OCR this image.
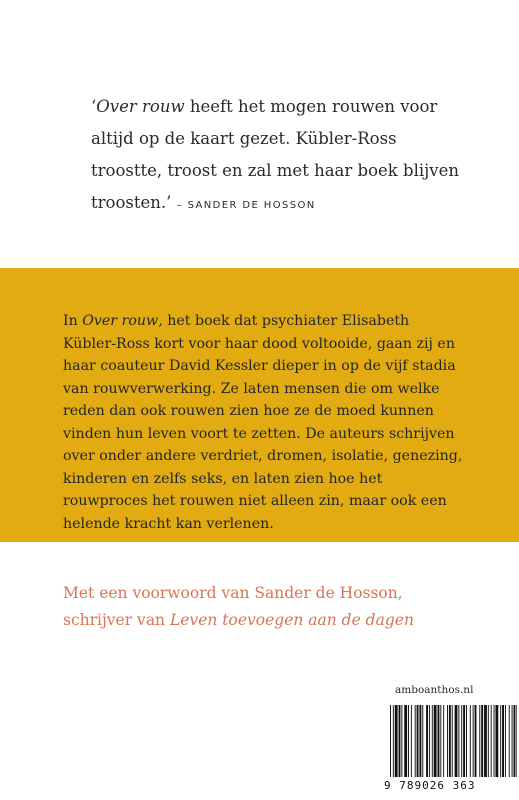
‘Over rouw heeft het mogen rouwen voor altijd op de kaart gezet. Kübler-Ross troostte, troost en zal met haar boek blijven troosten.’ – SANDER DE HOSSON
In Over rouw, het boek dat psychiater Elisabeth Kübler-Ross kort voor haar dood voltooide, gaan zij en haar coauteur David Kessler dieper in op de vijf stadia van rouwverwerking. Ze laten mensen die om welke reden dan ook rouwen zien hoe ze de moed kunnen vinden hun leven voort te zetten. De auteurs schrijven over onder andere verdriet, dromen, isolatie, genezing, kinderen en zelfs seks, en laten zien hoe het rouwproces het rouwen niet alleen zin, maar ook een helende kracht kan verlenen.
Met een voorwoord van Sander de Hosson,
schrijver van Leven toevoegen aan de dagen
amboanthos.nl
9 789026 363
